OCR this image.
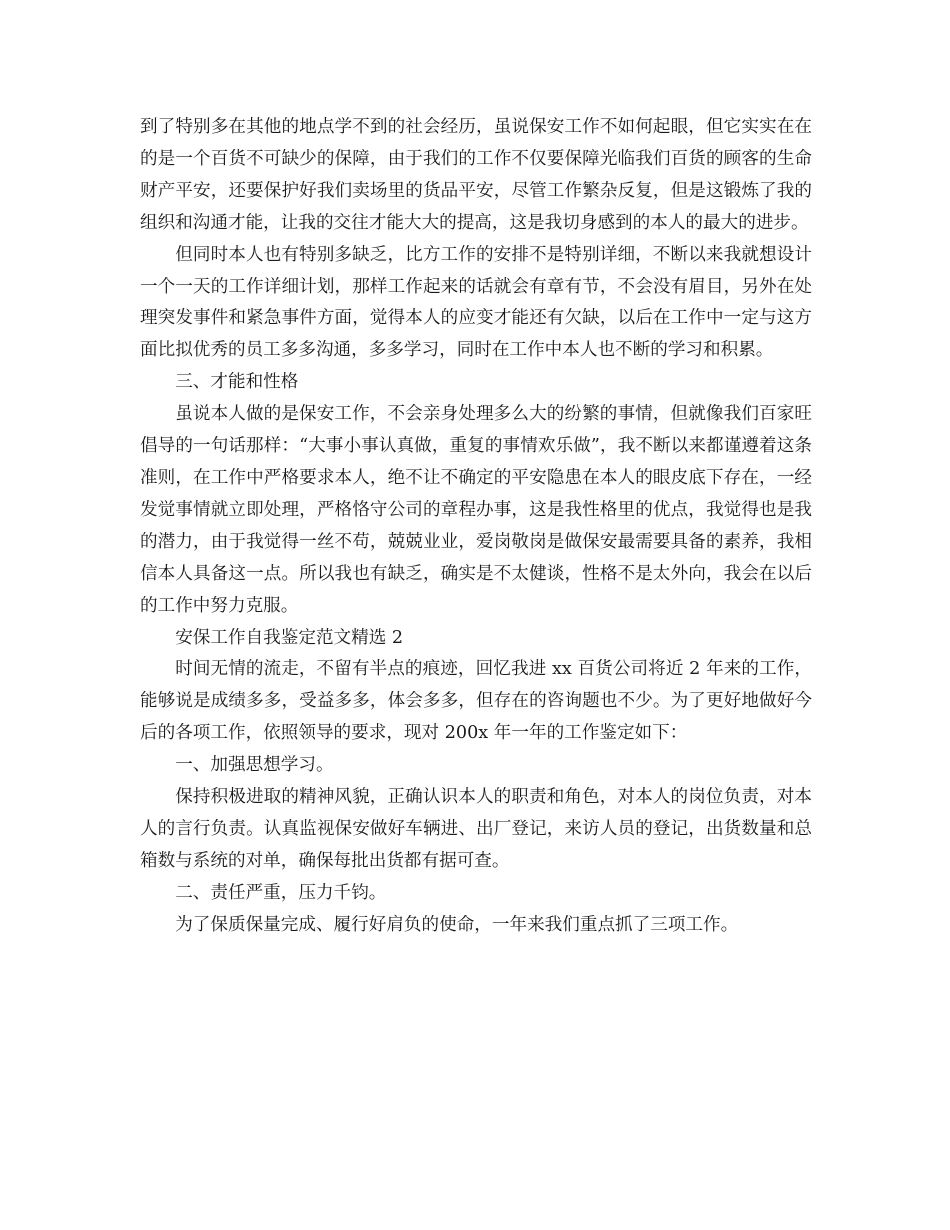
到了特别多在其他的地点学不到的社会经历，虽说保安工作不如何起眼，但它实实在在的是一个百货不可缺少的保障，由于我们的工作不仅要保障光临我们百货的顾客的生命财产平安，还要保护好我们卖场里的货品平安，尽管工作繁杂反复，但是这锻炼了我的组织和沟通才能，让我的交往才能大大的提高，这是我切身感到的本人的最大的进步。

但同时本人也有特别多缺乏，比方工作的安排不是特别详细，不断以来我就想设计一个一天的工作详细计划，那样工作起来的话就会有章有节，不会没有眉目，另外在处理突发事件和紧急事件方面，觉得本人的应变才能还有欠缺，以后在工作中一定与这方面比拟优秀的员工多多沟通，多多学习，同时在工作中本人也不断的学习和积累。

三、才能和性格

虽说本人做的是保安工作，不会亲身处理多么大的纷繁的事情，但就像我们百家旺倡导的一句话那样：“大事小事认真做，重复的事情欢乐做”，我不断以来都谨遵着这条准则，在工作中严格要求本人，绝不让不确定的平安隐患在本人的眼皮底下存在，一经发觉事情就立即处理，严格恪守公司的章程办事，这是我性格里的优点，我觉得也是我的潜力，由于我觉得一丝不苟，兢兢业业，爱岗敬岗是做保安最需要具备的素养，我相信本人具备这一点。所以我也有缺乏，确实是不太健谈，性格不是太外向，我会在以后的工作中努力克服。

安保工作自我鉴定范文精选 2

时间无情的流走，不留有半点的痕迹，回忆我进 xx 百货公司将近 2 年来的工作，能够说是成绩多多，受益多多，体会多多，但存在的咨询题也不少。为了更好地做好今后的各项工作，依照领导的要求，现对 200x 年一年的工作鉴定如下：

一、加强思想学习。

保持积极进取的精神风貌，正确认识本人的职责和角色，对本人的岗位负责，对本人的言行负责。认真监视保安做好车辆进、出厂登记，来访人员的登记，出货数量和总箱数与系统的对单，确保每批出货都有据可查。

二、责任严重，压力千钧。

为了保质保量完成、履行好肩负的使命，一年来我们重点抓了三项工作。
